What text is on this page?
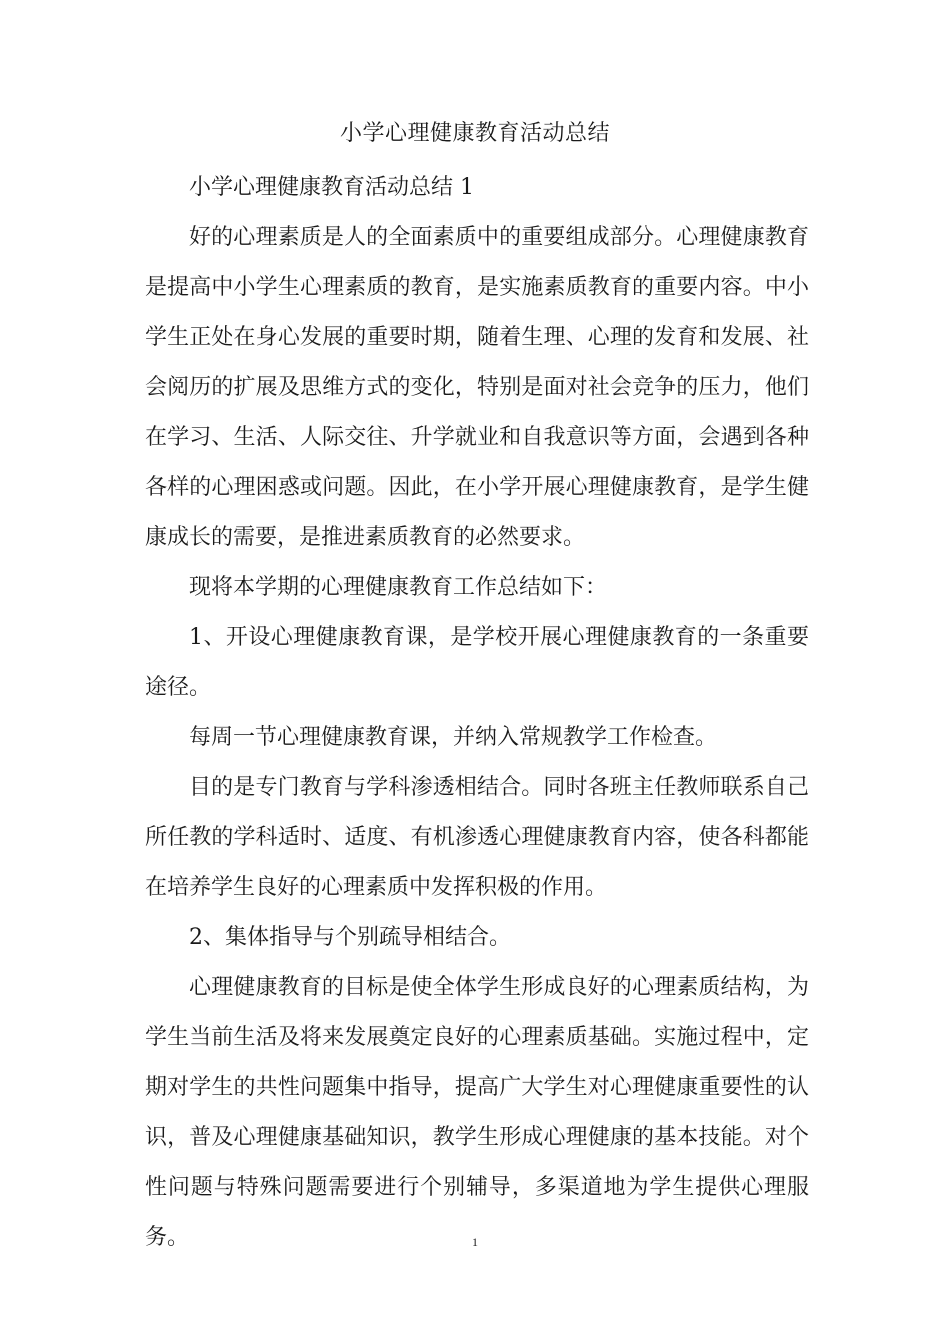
小学心理健康教育活动总结

小学心理健康教育活动总结 1

好的心理素质是人的全面素质中的重要组成部分。心理健康教育是提高中小学生心理素质的教育，是实施素质教育的重要内容。中小学生正处在身心发展的重要时期，随着生理、心理的发育和发展、社会阅历的扩展及思维方式的变化，特别是面对社会竞争的压力，他们在学习、生活、人际交往、升学就业和自我意识等方面，会遇到各种各样的心理困惑或问题。因此，在小学开展心理健康教育，是学生健康成长的需要，是推进素质教育的必然要求。

现将本学期的心理健康教育工作总结如下：

1、开设心理健康教育课，是学校开展心理健康教育的一条重要途径。

每周一节心理健康教育课，并纳入常规教学工作检查。

目的是专门教育与学科渗透相结合。同时各班主任教师联系自己所任教的学科适时、适度、有机渗透心理健康教育内容，使各科都能在培养学生良好的心理素质中发挥积极的作用。

2、集体指导与个别疏导相结合。

心理健康教育的目标是使全体学生形成良好的心理素质结构，为学生当前生活及将来发展奠定良好的心理素质基础。实施过程中，定期对学生的共性问题集中指导，提高广大学生对心理健康重要性的认识，普及心理健康基础知识，教学生形成心理健康的基本技能。对个性问题与特殊问题需要进行个别辅导，多渠道地为学生提供心理服务。	1
